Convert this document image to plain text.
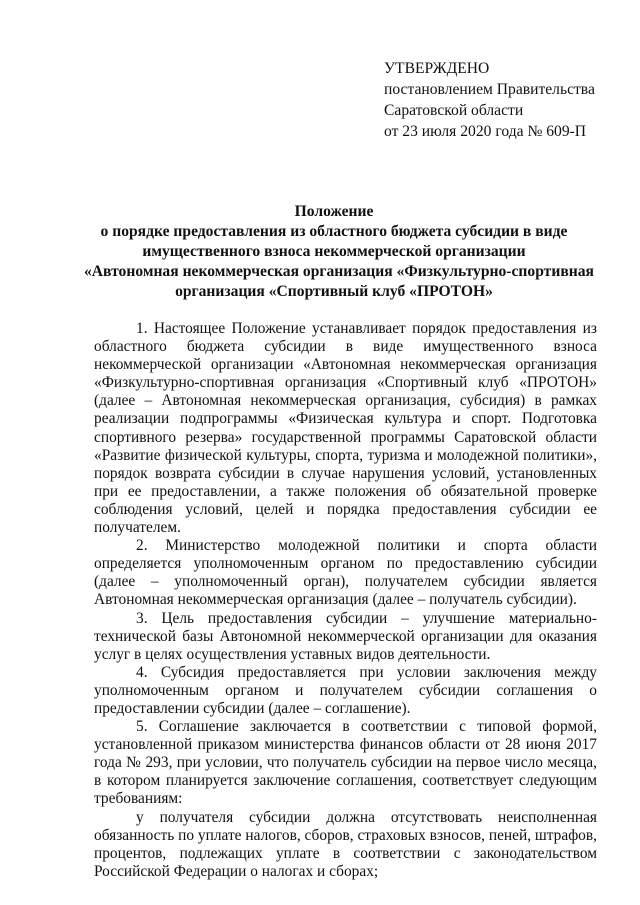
УТВЕРЖДЕНО
постановлением Правительства
Саратовской области
от 23 июля 2020 года № 609-П
Положение
о порядке предоставления из областного бюджета субсидии в виде
имущественного взноса некоммерческой организации
«Автономная некоммерческая организация «Физкультурно-спортивная
организация «Спортивный клуб «ПРОТОН»

1. Настоящее Положение устанавливает порядок предоставления из областного бюджета субсидии в виде имущественного взноса некоммерческой организации «Автономная некоммерческая организация «Физкультурно-спортивная организация «Спортивный клуб «ПРОТОН» (далее – Автономная некоммерческая организация, субсидия) в рамках реализации подпрограммы «Физическая культура и спорт. Подготовка спортивного резерва» государственной программы Саратовской области «Развитие физической культуры, спорта, туризма и молодежной политики», порядок возврата субсидии в случае нарушения условий, установленных при ее предоставлении, а также положения об обязательной проверке соблюдения условий, целей и порядка предоставления субсидии ее получателем.

2. Министерство молодежной политики и спорта области определяется уполномоченным органом по предоставлению субсидии (далее – уполномоченный орган), получателем субсидии является Автономная некоммерческая организация (далее – получатель субсидии).

3. Цель предоставления субсидии – улучшение материально-технической базы Автономной некоммерческой организации для оказания услуг в целях осуществления уставных видов деятельности.

4. Субсидия предоставляется при условии заключения между уполномоченным органом и получателем субсидии соглашения о предоставлении субсидии (далее – соглашение).

5. Соглашение заключается в соответствии с типовой формой, установленной приказом министерства финансов области от 28 июня 2017 года № 293, при условии, что получатель субсидии на первое число месяца, в котором планируется заключение соглашения, соответствует следующим требованиям:

у получателя субсидии должна отсутствовать неисполненная обязанность по уплате налогов, сборов, страховых взносов, пеней, штрафов, процентов, подлежащих уплате в соответствии с законодательством Российской Федерации о налогах и сборах;
